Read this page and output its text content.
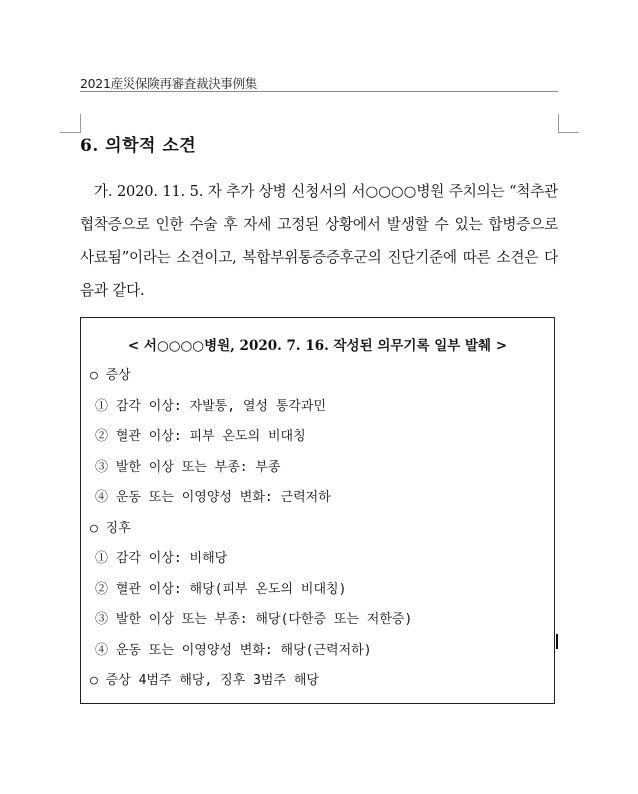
2021産災保険再審査裁決事例集
6. 의학적 소견
가. 2020. 11. 5. 자 추가 상병 신청서의 서○○○○병원 주치의는 “척추관 협착증으로 인한 수술 후 자세 고정된 상황에서 발생할 수 있는 합병증으로 사료됨”이라는 소견이고, 복합부위통증증후군의 진단기준에 따른 소견은 다음과 같다.
< 서○○○○병원, 2020. 7. 16. 작성된 의무기록 일부 발췌 >
○ 증상
① 감각 이상: 자발통, 열성 통각과민
② 혈관 이상: 피부 온도의 비대칭
③ 발한 이상 또는 부종: 부종
④ 운동 또는 이영양성 변화: 근력저하
○ 징후
① 감각 이상: 비해당
② 혈관 이상: 해당(피부 온도의 비대칭)
③ 발한 이상 또는 부종: 해당(다한증 또는 저한증)
④ 운동 또는 이영양성 변화: 해당(근력저하)
○ 증상 4범주 해당, 징후 3범주 해당
